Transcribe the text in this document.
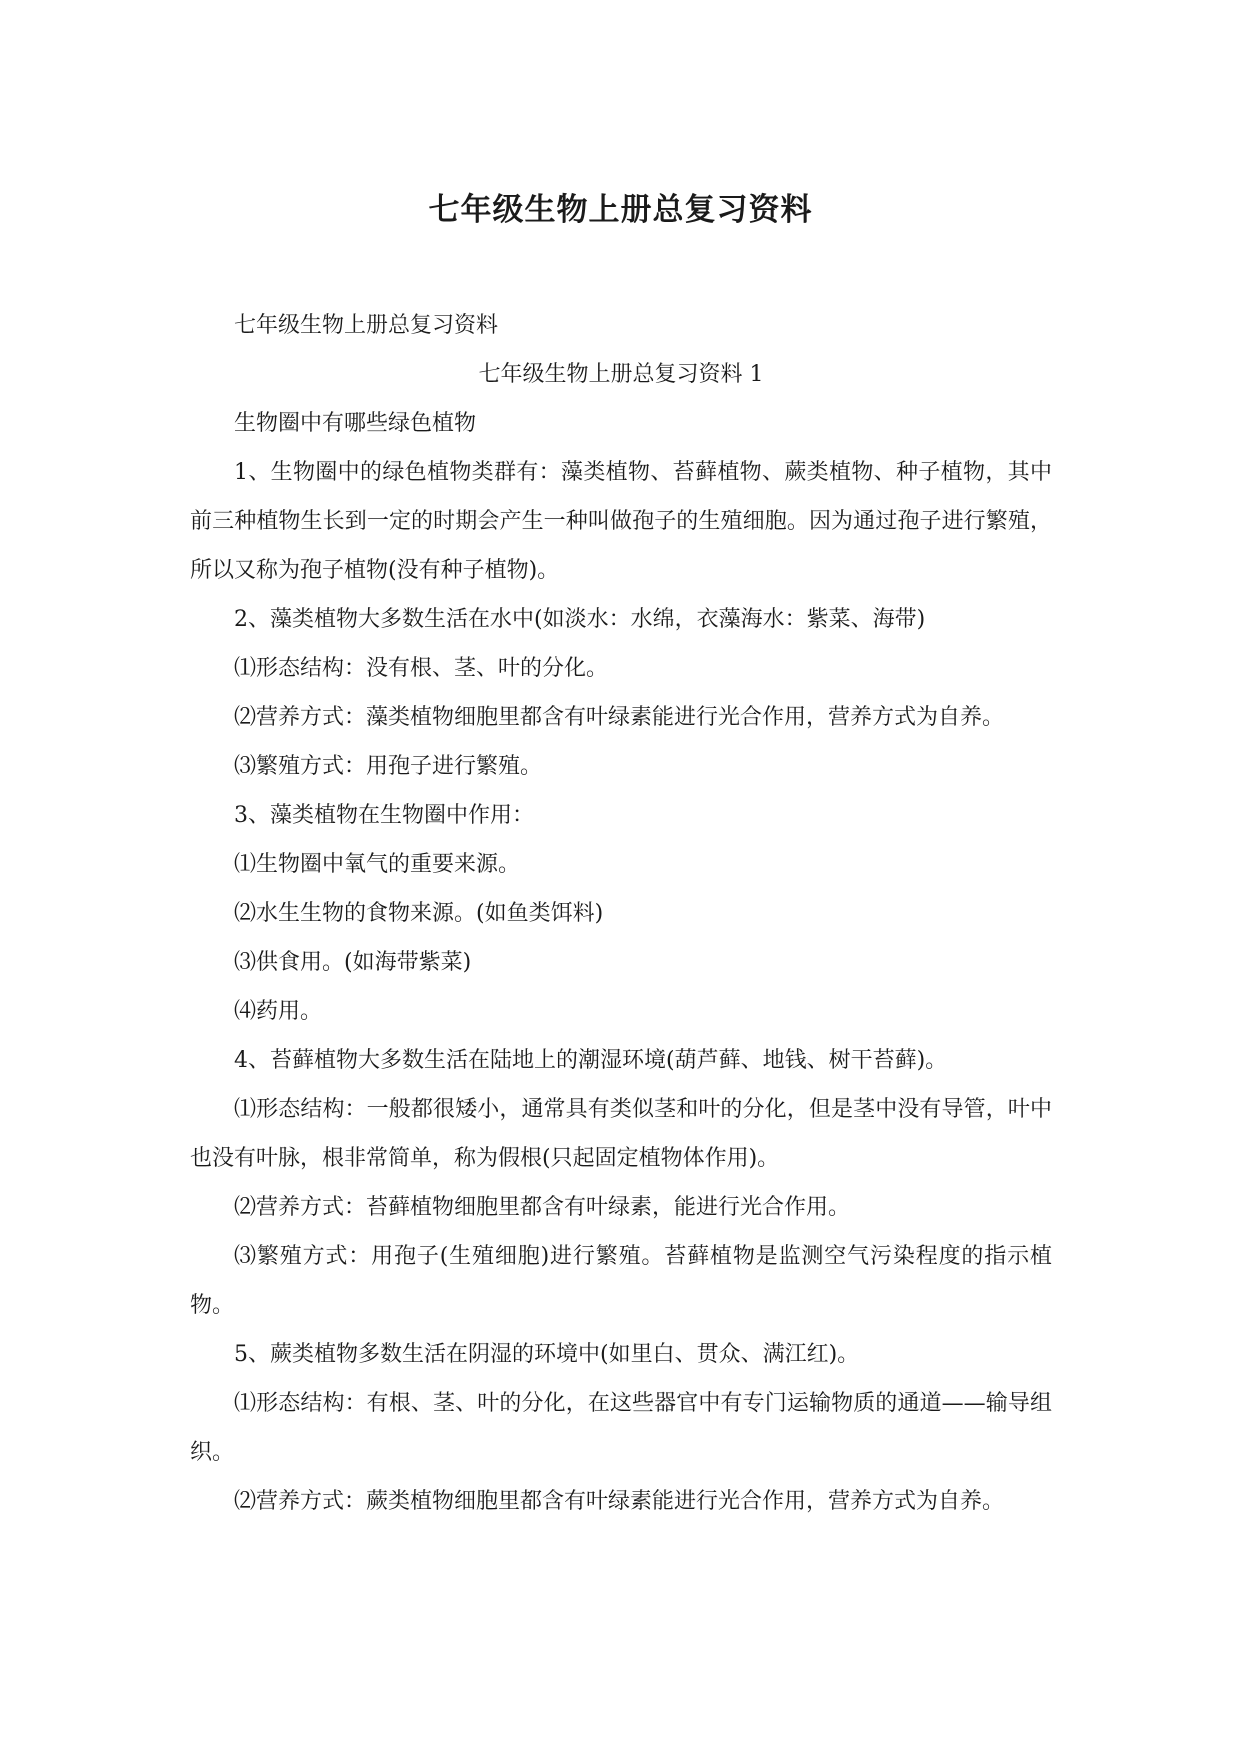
七年级生物上册总复习资料

七年级生物上册总复习资料

七年级生物上册总复习资料 1

生物圈中有哪些绿色植物

1、生物圈中的绿色植物类群有：藻类植物、苔藓植物、蕨类植物、种子植物，其中前三种植物生长到一定的时期会产生一种叫做孢子的生殖细胞。因为通过孢子进行繁殖，所以又称为孢子植物(没有种子植物)。

2、藻类植物大多数生活在水中(如淡水：水绵，衣藻海水：紫菜、海带)

⑴形态结构：没有根、茎、叶的分化。

⑵营养方式：藻类植物细胞里都含有叶绿素能进行光合作用，营养方式为自养。

⑶繁殖方式：用孢子进行繁殖。

3、藻类植物在生物圈中作用：

⑴生物圈中氧气的重要来源。

⑵水生生物的食物来源。(如鱼类饵料)

⑶供食用。(如海带紫菜)

⑷药用。

4、苔藓植物大多数生活在陆地上的潮湿环境(葫芦藓、地钱、树干苔藓)。

⑴形态结构：一般都很矮小，通常具有类似茎和叶的分化，但是茎中没有导管，叶中也没有叶脉，根非常简单，称为假根(只起固定植物体作用)。

⑵营养方式：苔藓植物细胞里都含有叶绿素，能进行光合作用。

⑶繁殖方式：用孢子(生殖细胞)进行繁殖。苔藓植物是监测空气污染程度的指示植物。

5、蕨类植物多数生活在阴湿的环境中(如里白、贯众、满江红)。

⑴形态结构：有根、茎、叶的分化，在这些器官中有专门运输物质的通道——输导组织。

⑵营养方式：蕨类植物细胞里都含有叶绿素能进行光合作用，营养方式为自养。
